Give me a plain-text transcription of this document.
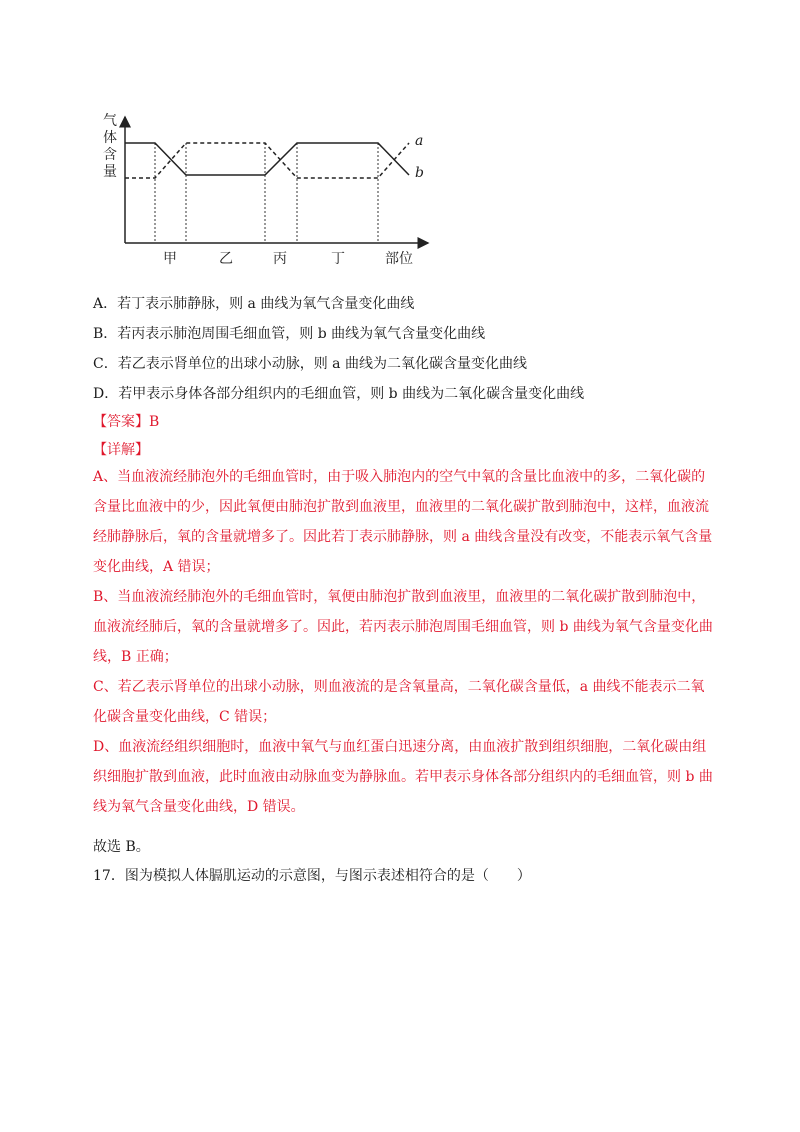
气
体
含
量
a
b
甲	乙	丙	丁	部位
A．若丁表示肺静脉，则 a 曲线为氧气含量变化曲线
B．若丙表示肺泡周围毛细血管，则 b 曲线为氧气含量变化曲线
C．若乙表示肾单位的出球小动脉，则 a 曲线为二氧化碳含量变化曲线
D．若甲表示身体各部分组织内的毛细血管，则 b 曲线为二氧化碳含量变化曲线
【答案】B
【详解】

A、当血液流经肺泡外的毛细血管时，由于吸入肺泡内的空气中氧的含量比血液中的多，二氧化碳的含量比血液中的少，因此氧便由肺泡扩散到血液里，血液里的二氧化碳扩散到肺泡中，这样，血液流经肺静脉后，氧的含量就增多了。因此若丁表示肺静脉，则 a 曲线含量没有改变，不能表示氧气含量变化曲线，A 错误；

B、当血液流经肺泡外的毛细血管时，氧便由肺泡扩散到血液里，血液里的二氧化碳扩散到肺泡中，血液流经肺后，氧的含量就增多了。因此，若丙表示肺泡周围毛细血管，则 b 曲线为氧气含量变化曲线，B 正确；

C、若乙表示肾单位的出球小动脉，则血液流的是含氧量高，二氧化碳含量低，a 曲线不能表示二氧化碳含量变化曲线，C 错误；

D、血液流经组织细胞时，血液中氧气与血红蛋白迅速分离，由血液扩散到组织细胞，二氧化碳由组织细胞扩散到血液，此时血液由动脉血变为静脉血。若甲表示身体各部分组织内的毛细血管，则 b 曲线为氧气含量变化曲线，D 错误。

故选 B。
17．图为模拟人体膈肌运动的示意图，与图示表述相符合的是（　　）
